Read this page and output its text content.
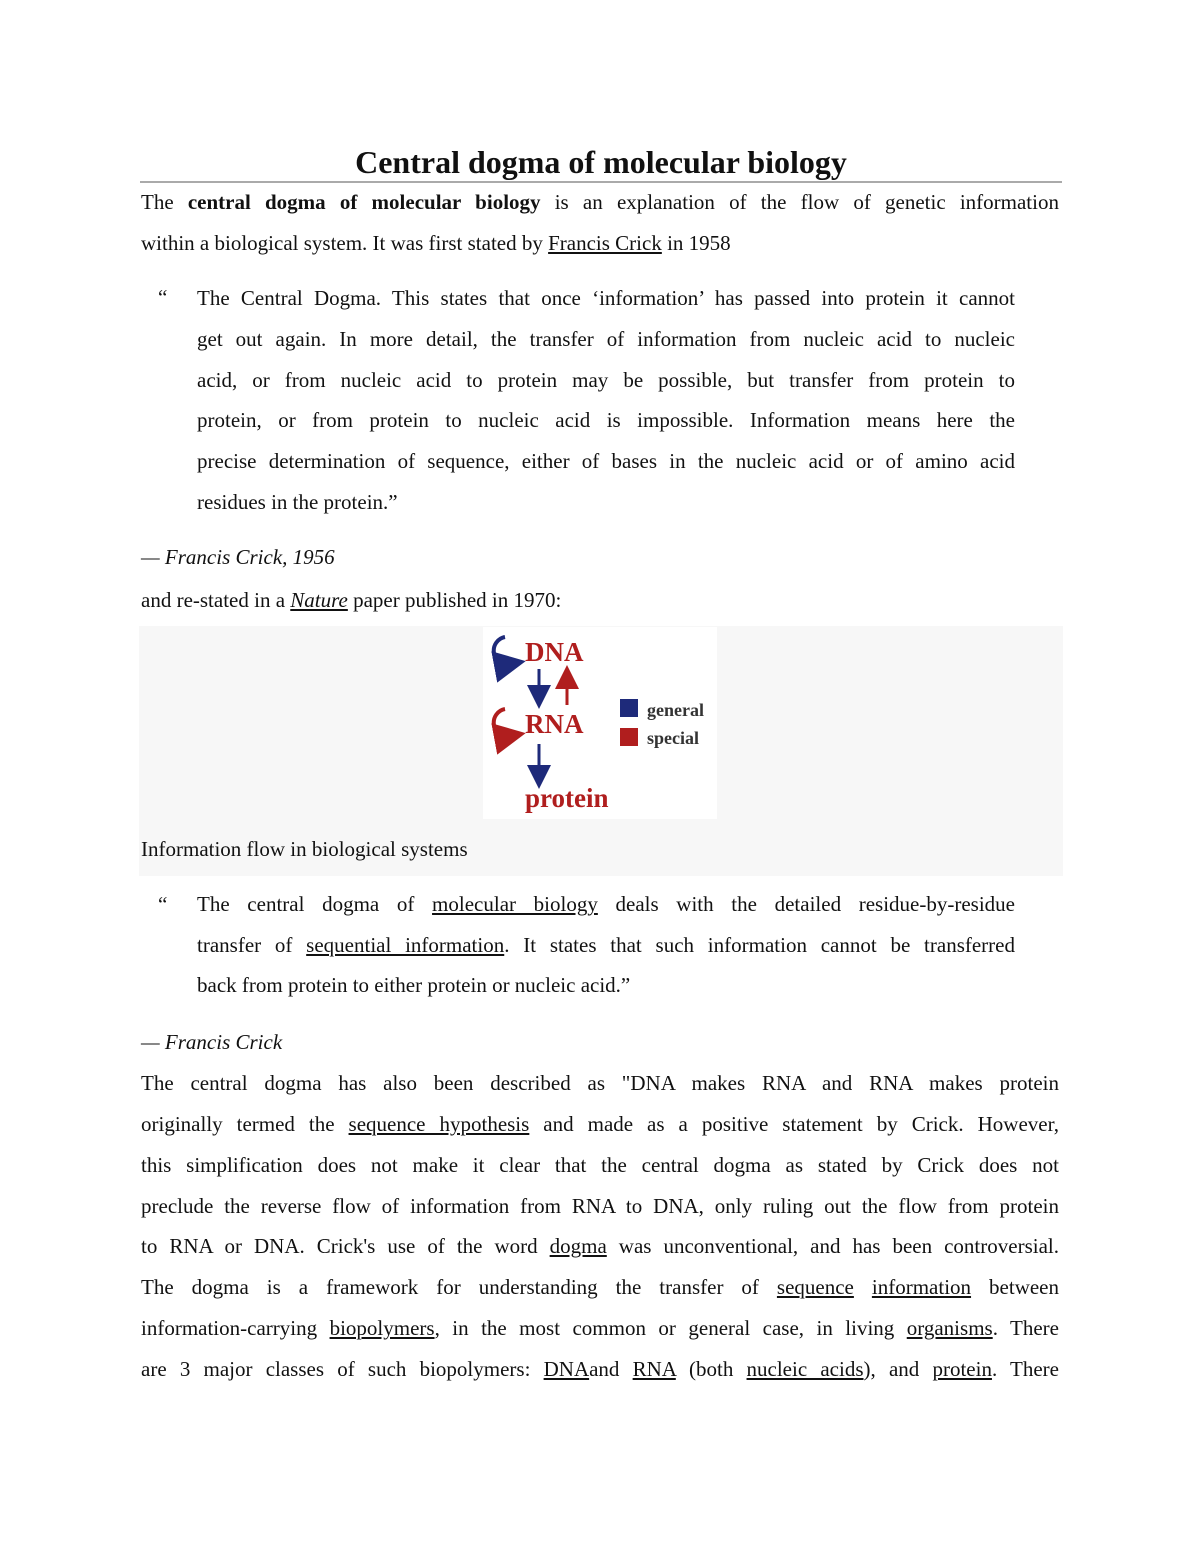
Central dogma of molecular biology

The central dogma of molecular biology is an explanation of the flow of genetic information

within a biological system. It was first stated by Francis Crick in 1958

“ The Central Dogma. This states that once ‘information’ has passed into protein it cannot

get out again. In more detail, the transfer of information from nucleic acid to nucleic

acid, or from nucleic acid to protein may be possible, but transfer from protein to

protein, or from protein to nucleic acid is impossible. Information means here the

precise determination of sequence, either of bases in the nucleic acid or of amino acid

residues in the protein.”

— Francis Crick, 1956

and re-stated in a Nature paper published in 1970:

DNA
RNA
protein
general
special

Information flow in biological systems

“ The central dogma of molecular biology deals with the detailed residue-by-residue

transfer of sequential information. It states that such information cannot be transferred

back from protein to either protein or nucleic acid.”

— Francis Crick

The central dogma has also been described as "DNA makes RNA and RNA makes protein

originally termed the sequence hypothesis and made as a positive statement by Crick. However,

this simplification does not make it clear that the central dogma as stated by Crick does not

preclude the reverse flow of information from RNA to DNA, only ruling out the flow from protein

to RNA or DNA. Crick's use of the word dogma was unconventional, and has been controversial.

The dogma is a framework for understanding the transfer of sequence information between

information-carrying biopolymers, in the most common or general case, in living organisms. There

are 3 major classes of such biopolymers: DNAand RNA (both nucleic acids), and protein. There
